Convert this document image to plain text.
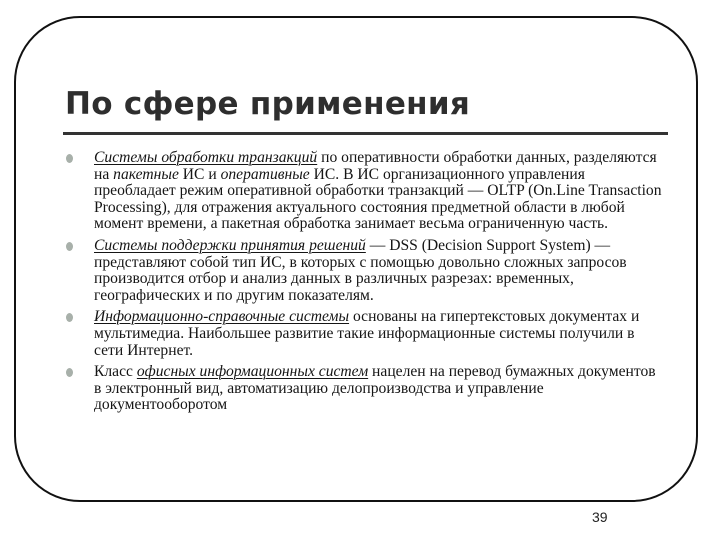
По сфере применения
Системы обработки транзакций по оперативности обработки данных, разделяются на пакетные ИС и оперативные ИС. В ИС организационного управления преобладает режим оперативной обработки транзакций — OLTP (On.Line Transaction Processing), для отражения актуального состояния предметной области в любой момент времени, а пакетная обработка занимает весьма ограниченную часть.
Системы поддержки принятия решений — DSS (Decision Support System) — представляют собой тип ИС, в которых с помощью довольно сложных запросов производится отбор и анализ данных в различных разрезах: временных, географических и по другим показателям.
Информационно-справочные системы основаны на гипертекстовых документах и мультимедиа. Наибольшее развитие такие информационные системы получили в сети Интернет.
Класс офисных информационных систем нацелен на перевод бумажных документов в электронный вид, автоматизацию делопроизводства и управление документооборотом
39
